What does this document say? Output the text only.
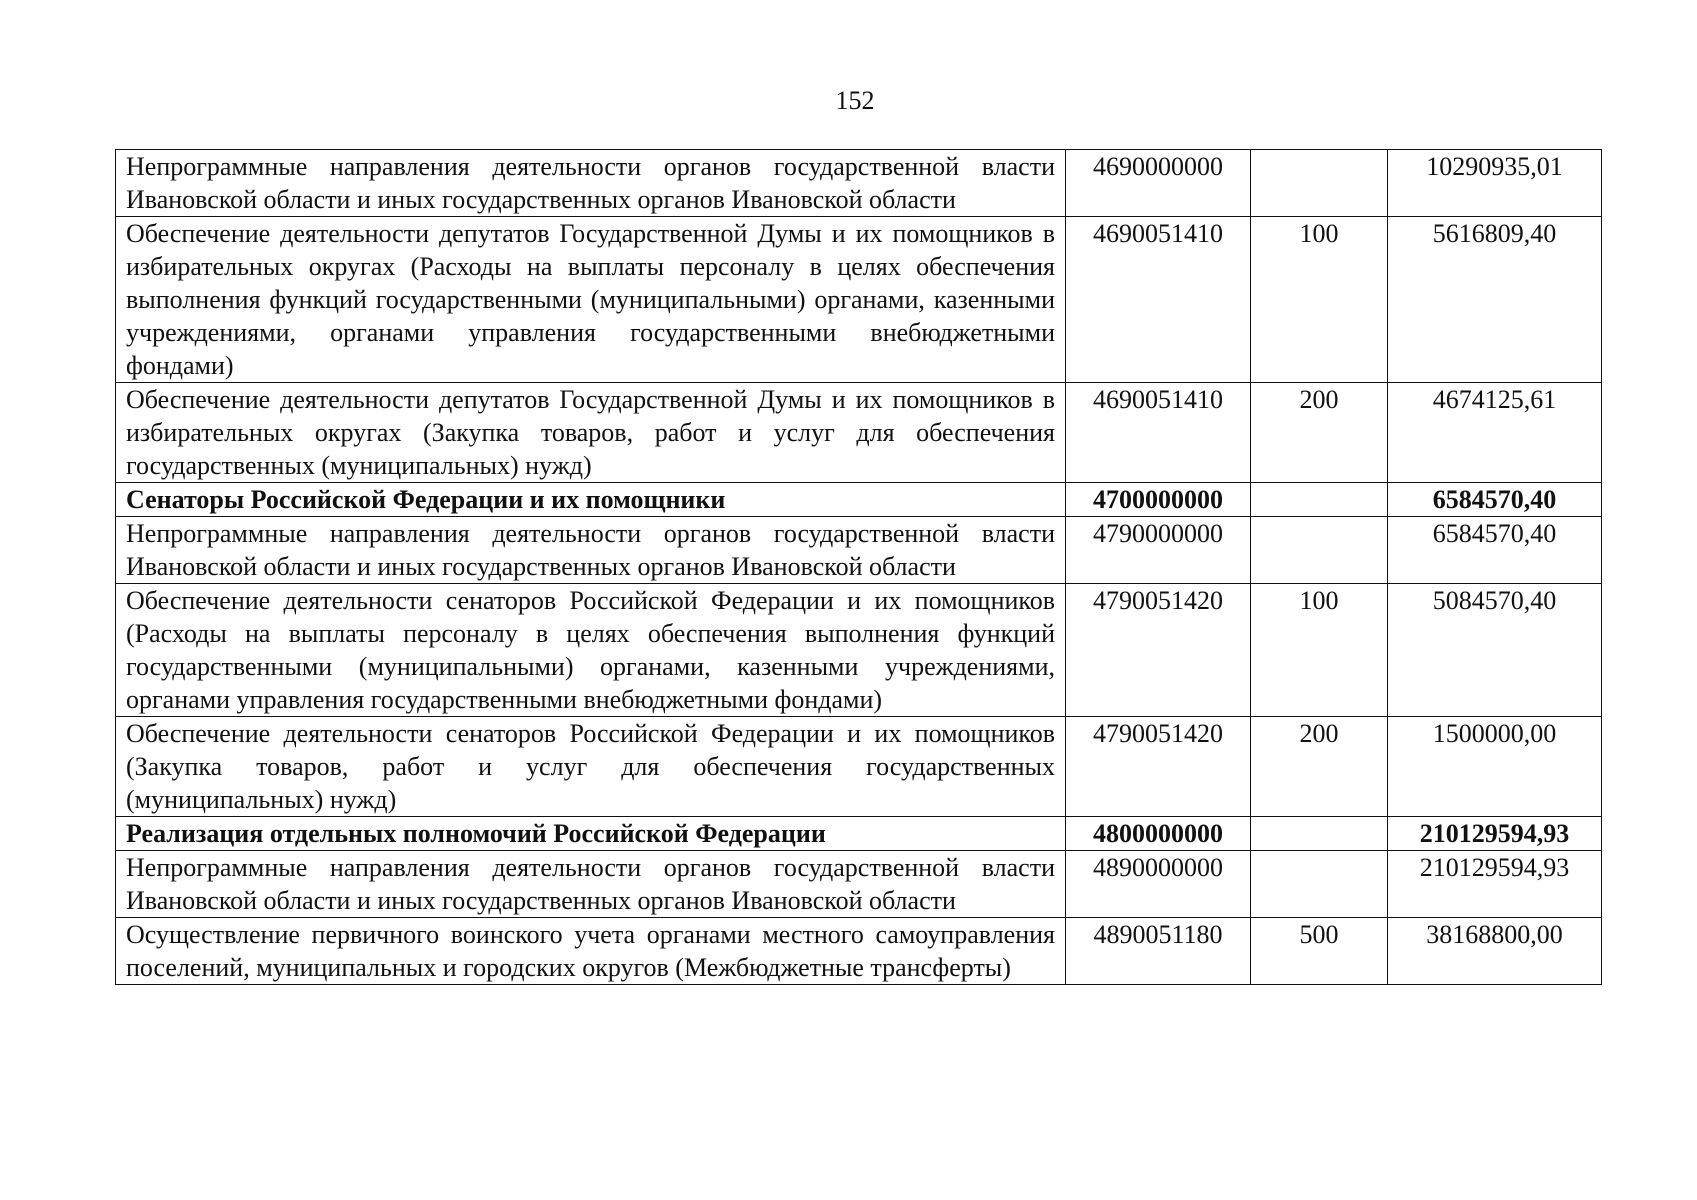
152
Непрограммные направления деятельности органов государственной власти Ивановской области и иных государственных органов Ивановской области	4690000000		10290935,01
Обеспечение деятельности депутатов Государственной Думы и их помощников в избирательных округах (Расходы на выплаты персоналу в целях обеспечения выполнения функций государственными (муниципальными) органами, казенными учреждениями, органами управления государственными внебюджетными фондами)	4690051410	100	5616809,40
Обеспечение деятельности депутатов Государственной Думы и их помощников в избирательных округах (Закупка товаров, работ и услуг для обеспечения государственных (муниципальных) нужд)	4690051410	200	4674125,61
Сенаторы Российской Федерации и их помощники	4700000000		6584570,40
Непрограммные направления деятельности органов государственной власти Ивановской области и иных государственных органов Ивановской области	4790000000		6584570,40
Обеспечение деятельности сенаторов Российской Федерации и их помощников (Расходы на выплаты персоналу в целях обеспечения выполнения функций государственными (муниципальными) органами, казенными учреждениями, органами управления государственными внебюджетными фондами)	4790051420	100	5084570,40
Обеспечение деятельности сенаторов Российской Федерации и их помощников (Закупка товаров, работ и услуг для обеспечения государственных (муниципальных) нужд)	4790051420	200	1500000,00
Реализация отдельных полномочий Российской Федерации	4800000000		210129594,93
Непрограммные направления деятельности органов государственной власти Ивановской области и иных государственных органов Ивановской области	4890000000		210129594,93
Осуществление первичного воинского учета органами местного самоуправления поселений, муниципальных и городских округов (Межбюджетные трансферты)	4890051180	500	38168800,00
